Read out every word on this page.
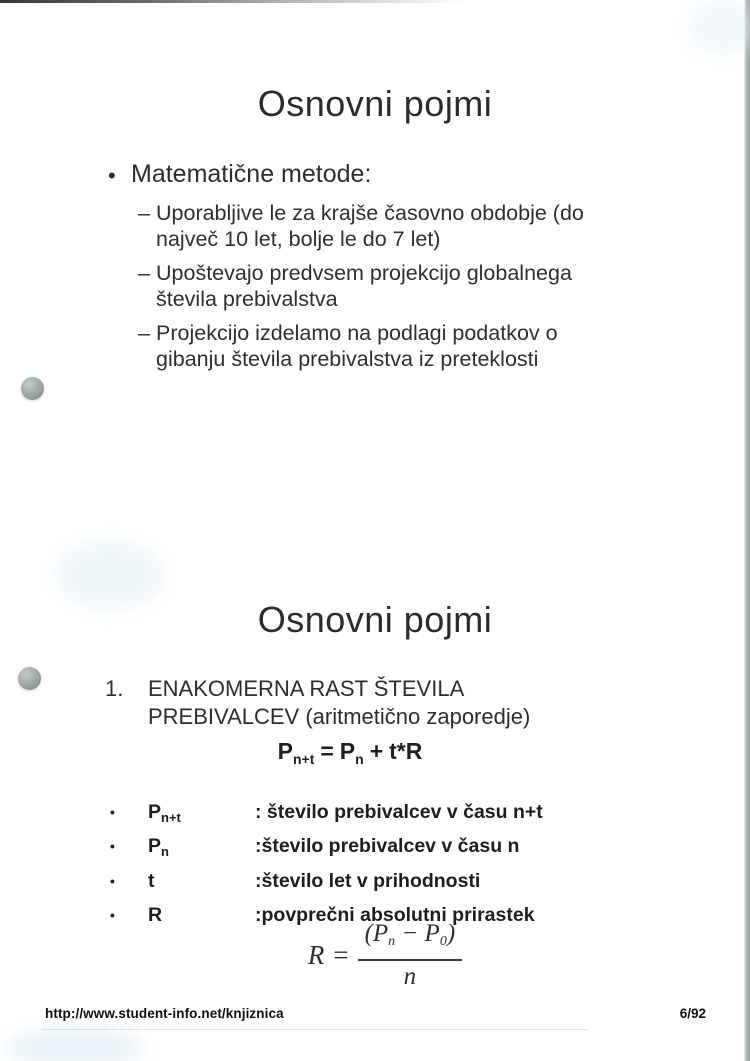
Osnovni pojmi
• Matematične metode:
– Uporabljive le za krajše časovno obdobje (do največ 10 let, bolje le do 7 let)
– Upoštevajo predvsem projekcijo globalnega števila prebivalstva
– Projekcijo izdelamo na podlagi podatkov o gibanju števila prebivalstva iz preteklosti
Osnovni pojmi
1.	ENAKOMERNA RAST ŠTEVILA PREBIVALCEV (aritmetično zaporedje)
$P_{n+t} = P_n + t*R$
•	$P_{n+t}$	: število prebivalcev v času n+t
•	$P_n$	:število prebivalcev v času n
•	t	:število let v prihodnosti
•	R	:povprečni absolutni prirastek
$R = \frac{(Pn - P0)}{n}$
http://www.student-info.net/knjiznica	6/92
